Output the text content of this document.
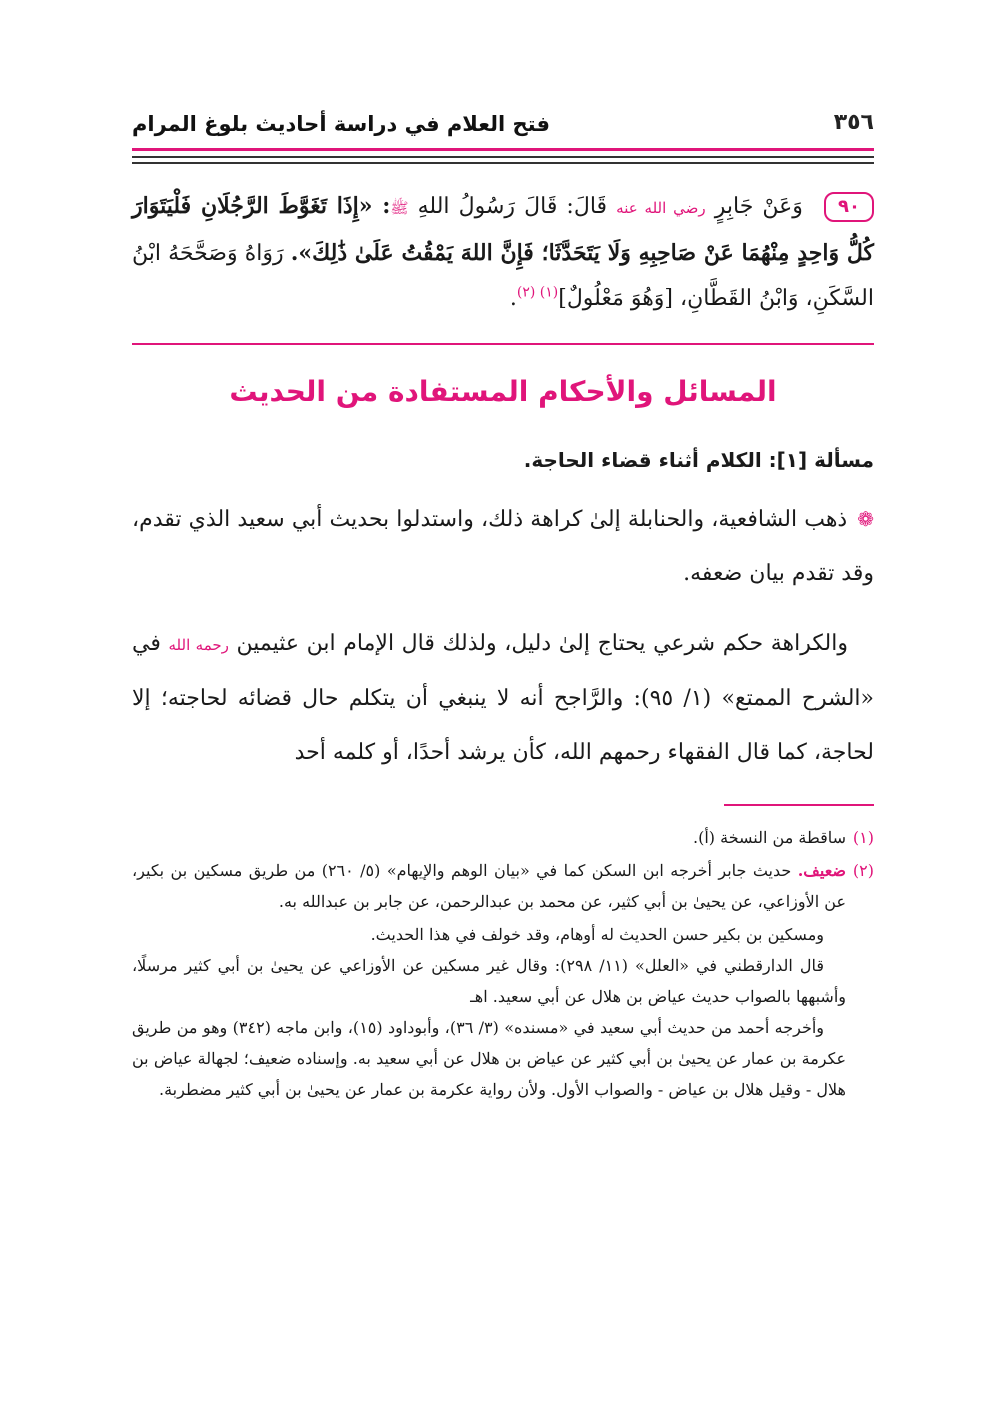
٣٥٦
فتح العلام في دراسة أحاديث بلوغ المرام
٩٠ وَعَنْ جَابِرٍ رضي الله عنه قَالَ: قَالَ رَسُولُ اللهِ ﷺ: «إِذَا تَغَوَّطَ الرَّجُلَانِ فَلْيَتَوَارَ كُلُّ وَاحِدٍ مِنْهُمَا عَنْ صَاحِبِهِ وَلَا يَتَحَدَّثَا؛ فَإِنَّ اللهَ يَمْقُتُ عَلَىٰ ذَٰلِكَ». رَوَاهُ وَصَحَّحَهُ ابْنُ السَّكَنِ، وَابْنُ القَطَّانِ، [وَهُوَ مَعْلُولٌ]$^{(١) (٢)}$.
المسائل والأحكام المستفادة من الحديث
مسألة [١]: الكلام أثناء قضاء الحاجة.
❁ذهب الشافعية، والحنابلة إلىٰ كراهة ذلك، واستدلوا بحديث أبي سعيد الذي تقدم، وقد تقدم بيان ضعفه.
والكراهة حكم شرعي يحتاج إلىٰ دليل، ولذلك قال الإمام ابن عثيمين رحمه الله في «الشرح الممتع» (١/ ٩٥): والرَّاجح أنه لا ينبغي أن يتكلم حال قضائه لحاجته؛ إلا لحاجة، كما قال الفقهاء رحمهم الله، كأن يرشد أحدًا، أو كلمه أحد
(١)
ساقطة من النسخة (أ).
(٢)
ضعيف. حديث جابر أخرجه ابن السكن كما في «بيان الوهم والإيهام» (٥/ ٢٦٠) من طريق مسكين بن بكير، عن الأوزاعي، عن يحيىٰ بن أبي كثير، عن محمد بن عبدالرحمن، عن جابر بن عبدالله به.
ومسكين بن بكير حسن الحديث له أوهام، وقد خولف في هذا الحديث.
قال الدارقطني في «العلل» (١١/ ٢٩٨): وقال غير مسكين عن الأوزاعي عن يحيىٰ بن أبي كثير مرسلًا، وأشبهها بالصواب حديث عياض بن هلال عن أبي سعيد. اهـ
وأخرجه أحمد من حديث أبي سعيد في «مسنده» (٣/ ٣٦)، وأبوداود (١٥)، وابن ماجه (٣٤٢) وهو من طريق عكرمة بن عمار عن يحيىٰ بن أبي كثير عن عياض بن هلال عن أبي سعيد به. وإسناده ضعيف؛ لجهالة عياض بن هلال - وقيل هلال بن عياض - والصواب الأول. ولأن رواية عكرمة بن عمار عن يحيىٰ بن أبي كثير مضطربة.
